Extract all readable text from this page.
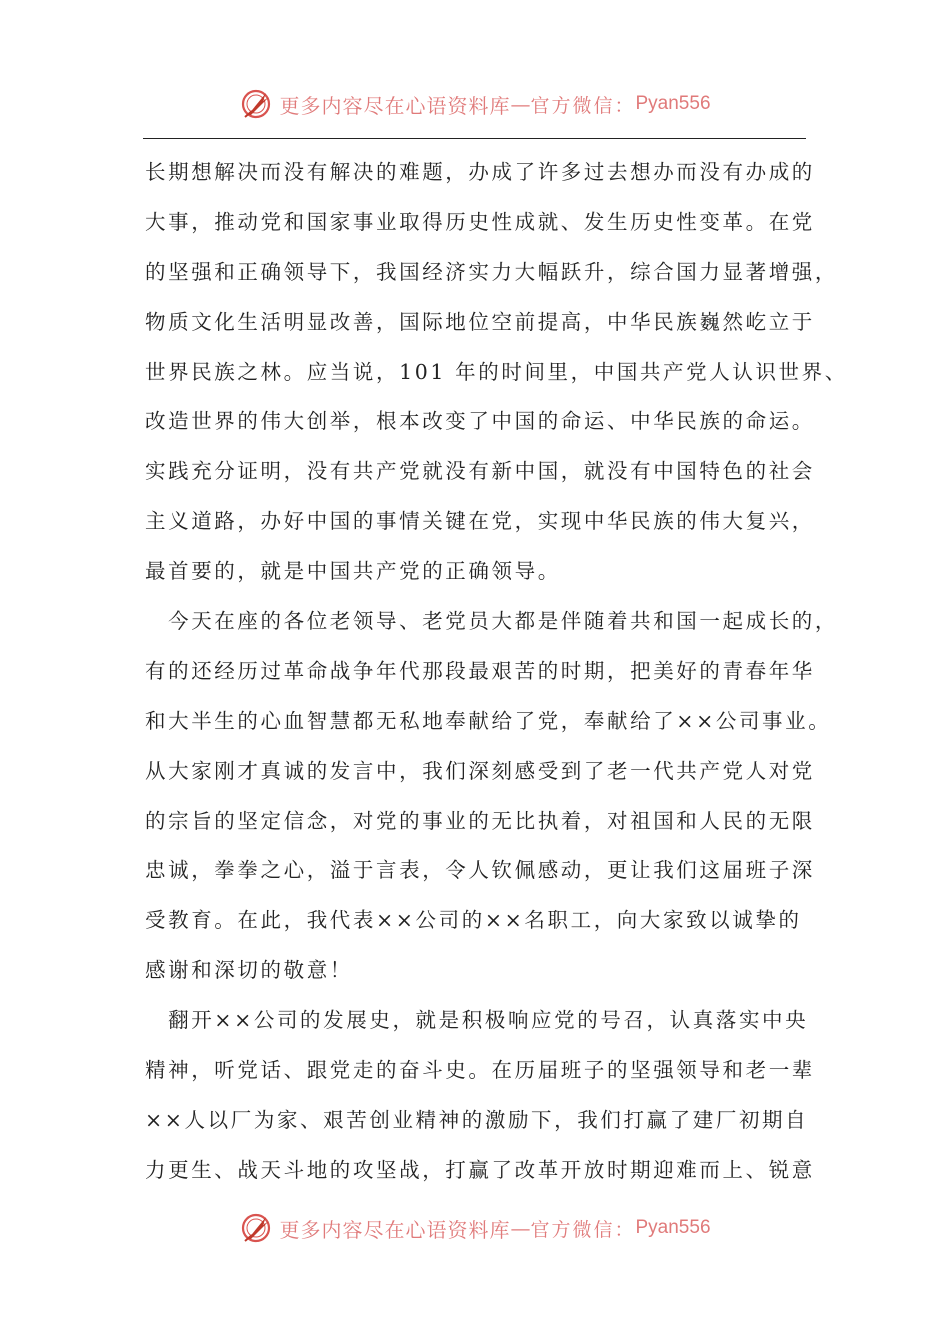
更多内容尽在心语资料库 — 官方微信： Pyan556
长期想解决而没有解决的难题，办成了许多过去想办而没有办成的
大事，推动党和国家事业取得历史性成就、发生历史性变革。在党
的坚强和正确领导下，我国经济实力大幅跃升，综合国力显著增强，
物质文化生活明显改善，国际地位空前提高，中华民族巍然屹立于
世界民族之林。应当说，101 年的时间里，中国共产党人认识世界、
改造世界的伟大创举，根本改变了中国的命运、中华民族的命运。
实践充分证明，没有共产党就没有新中国，就没有中国特色的社会
主义道路，办好中国的事情关键在党，实现中华民族的伟大复兴，
最首要的，就是中国共产党的正确领导。
　今天在座的各位老领导、老党员大都是伴随着共和国一起成长的，
有的还经历过革命战争年代那段最艰苦的时期，把美好的青春年华
和大半生的心血智慧都无私地奉献给了党，奉献给了××公司事业。
从大家刚才真诚的发言中，我们深刻感受到了老一代共产党人对党
的宗旨的坚定信念，对党的事业的无比执着，对祖国和人民的无限
忠诚，拳拳之心，溢于言表，令人钦佩感动，更让我们这届班子深
受教育。在此，我代表××公司的××名职工，向大家致以诚挚的
感谢和深切的敬意！
　翻开××公司的发展史，就是积极响应党的号召，认真落实中央
精神，听党话、跟党走的奋斗史。在历届班子的坚强领导和老一辈
××人以厂为家、艰苦创业精神的激励下，我们打赢了建厂初期自
力更生、战天斗地的攻坚战，打赢了改革开放时期迎难而上、锐意
更多内容尽在心语资料库 — 官方微信： Pyan556
